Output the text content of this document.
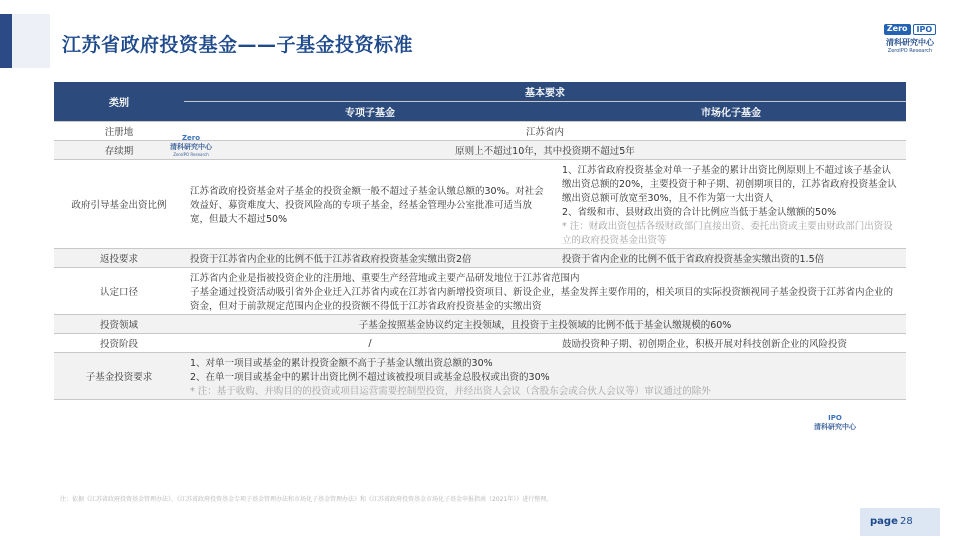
江苏省政府投资基金——子基金投资标准
Zero	IPO
清科研究中心
ZeroIPO Research
类别	基本要求	
	专项子基金	市场化子基金
注册地	江苏省内	
存续期	原则上不超过10年，其中投资期不超过5年	
政府引导基金出资比例	江苏省政府投资基金对子基金的投资金额一般不超过子基金认缴总额的30%。对社会效益好、募资难度大、投资风险高的专项子基金，经基金管理办公室批准可适当放宽，但最大不超过50%	1、江苏省政府投资基金对单一子基金的累计出资比例原则上不超过该子基金认缴出资总额的20%，主要投资于种子期、初创期项目的，江苏省政府投资基金认缴出资总额可放宽至30%，且不作为第一大出资人
2、省级和市、县财政出资的合计比例应当低于基金认缴额的50%
* 注：财政出资包括各级财政部门直接出资、委托出资或主要由财政部门出资设立的政府投资基金出资等

返投要求	投资于江苏省内企业的比例不低于江苏省政府投资基金实缴出资2倍	投资于省内企业的比例不低于省政府投资基金实缴出资的1.5倍
认定口径	江苏省内企业是指被投资企业的注册地、重要生产经营地或主要产品研发地位于江苏省范围内
子基金通过投资活动吸引省外企业迁入江苏省内或在江苏省内新增投资项目、新设企业，基金发挥主要作用的，相关项目的实际投资额视同子基金投资于江苏省内企业的资金，但对于前款规定范围内企业的投资额不得低于江苏省政府投资基金的实缴出资	

投资领域	子基金按照基金协议约定主投领域，且投资于主投领域的比例不低于基金认缴规模的60%	
投资阶段	/	鼓励投资种子期、初创期企业，积极开展对科技创新企业的风险投资
子基金投资要求	1、对单一项目或基金的累计投资金额不高于子基金认缴出资总额的30%
2、在单一项目或基金中的累计出资比例不超过该被投项目或基金总股权或出资的30%
* 注：基于收购、并购目的的投资或项目运营需要控制型投资，并经出资人会议（含股东会或合伙人会议等）审议通过的除外	
Zero
清科研究中心
ZeroIPO Research
IPO
清科研究中心
注：依据《江苏省政府投资基金管理办法》、《江苏省政府投资基金专项子基金管理办法和市场化子基金管理办法》和《江苏省政府投资基金市场化子基金申报指南（2021年）》进行整理。
page 28
